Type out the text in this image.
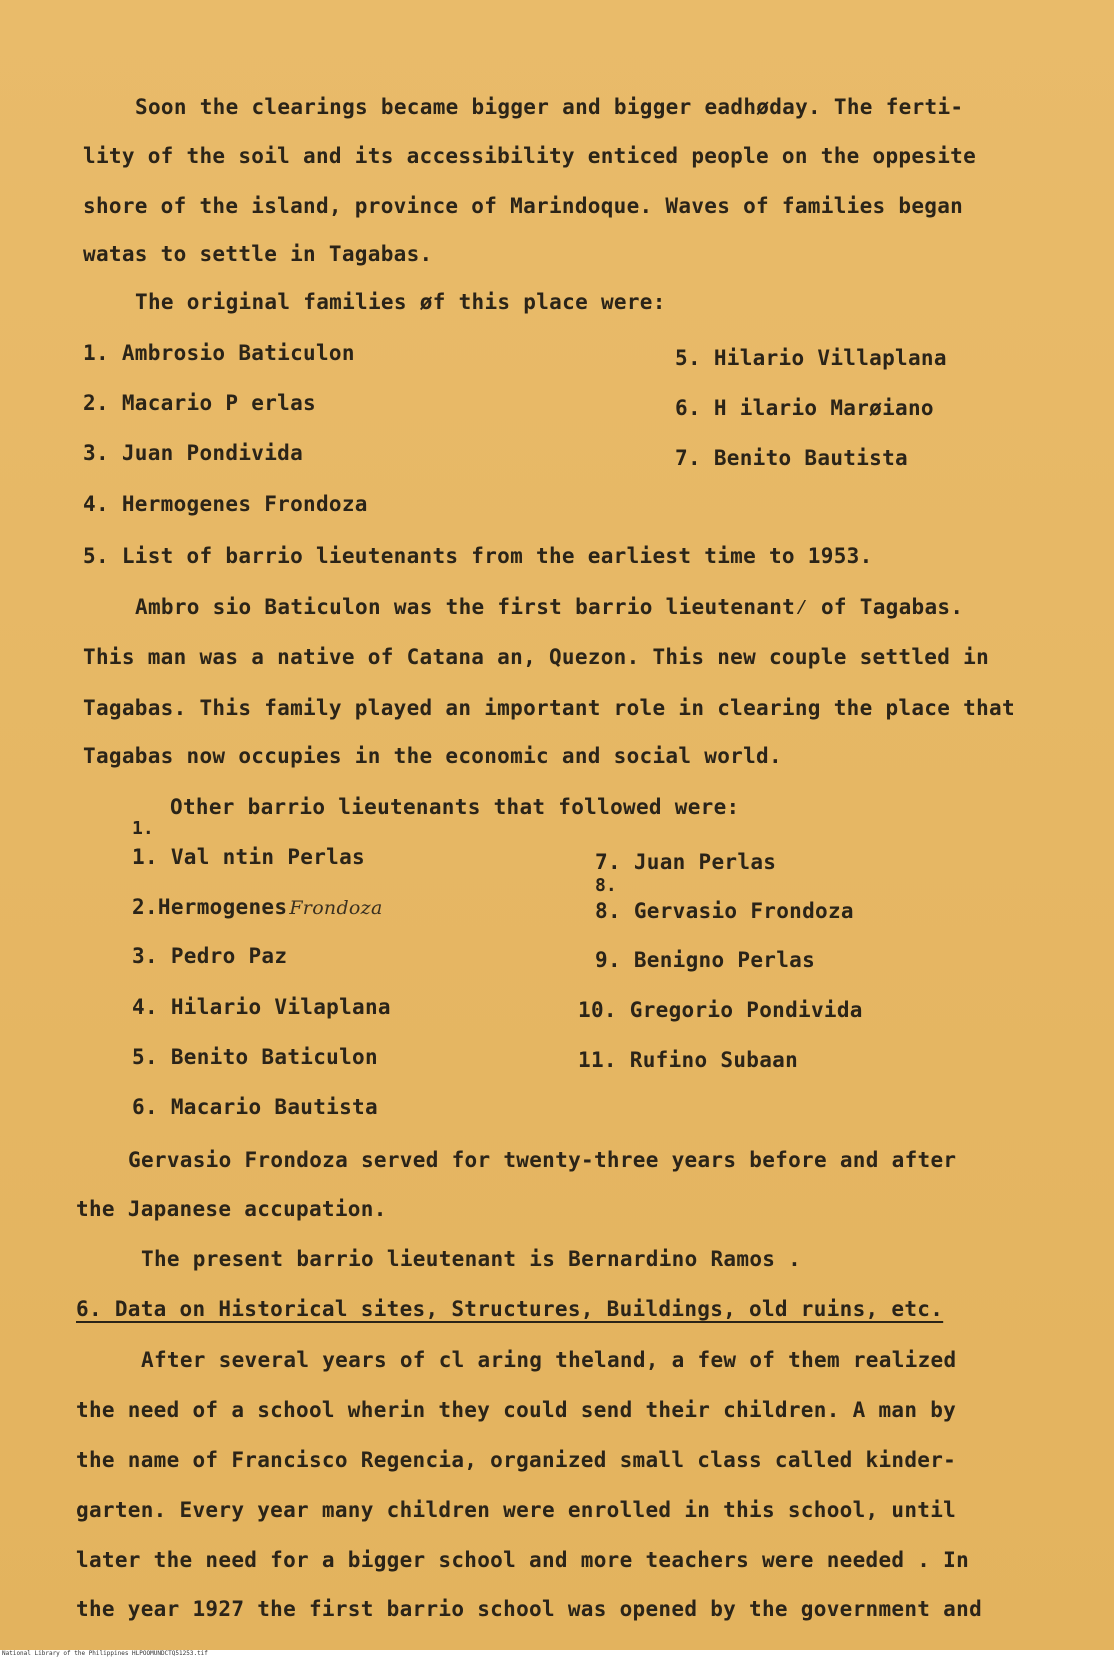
Soon the clearings became bigger and bigger eadhøday. The ferti-
lity of the soil and its accessibility enticed people on the oppesite
shore of the island, province of Marindoque. Waves of families began
watas to settle in Tagabas.
The original families øf this place were:
1. Ambrosio Baticulon
2. Macario P erlas
3. Juan Pondivida
4. Hermogenes Frondoza
5. Hilario Villaplana
6. H ilario Marøiano
7. Benito Bautista
5. List of barrio lieutenants from the earliest time to 1953.
Ambro sio Baticulon was the first barrio lieutenant⁄ of Tagabas.
This man was a native of Catana an, Quezon. This new couple settled in
Tagabas. This family played an important role in clearing the place that
Tagabas now occupies in the economic and social world.
Other barrio lieutenants that followed were:
1.
1. Val ntin Perlas
2.Hermogenes Frondoza
3. Pedro Paz
4. Hilario Vilaplana
5. Benito Baticulon
6. Macario Bautista
7. Juan Perlas
8.
8. Gervasio Frondoza
9. Benigno Perlas
10. Gregorio Pondivida
11. Rufino Subaan
Gervasio Frondoza served for twenty-three years before and after
the Japanese accupation.
The present barrio lieutenant is Bernardino Ramos .
6. Data on Historical sites, Structures, Buildings, old ruins, etc.
After several years of cl aring theland, a few of them realized
the need of a school wherin they could send their children. A man by
the name of Francisco Regencia, organized small class called kinder-
garten. Every year many children were enrolled in this school, until
later the need for a bigger school and more teachers were needed . In
the year 1927 the first barrio school was opened by the government and
National Library of the Philippines HLPOOMUNDCTQ51253.tif
